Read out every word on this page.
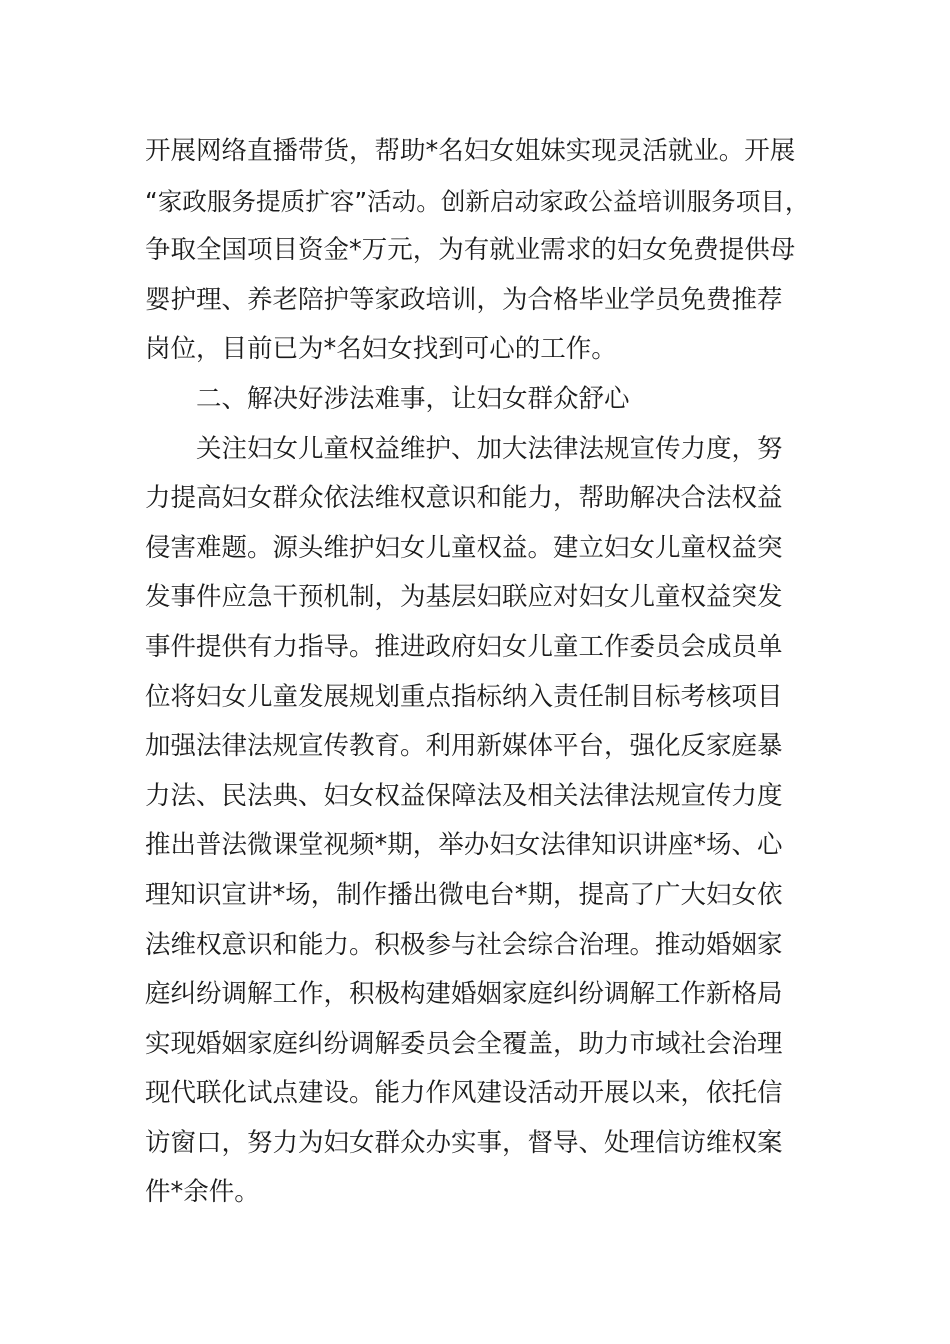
开展网络直播带货，帮助*名妇女姐妹实现灵活就业。开展
“家政服务提质扩容”活动。创新启动家政公益培训服务项目，
争取全国项目资金*万元，为有就业需求的妇女免费提供母
婴护理、养老陪护等家政培训，为合格毕业学员免费推荐
岗位，目前已为*名妇女找到可心的工作。
二、解决好涉法难事，让妇女群众舒心
关注妇女儿童权益维护、加大法律法规宣传力度，努
力提高妇女群众依法维权意识和能力，帮助解决合法权益
侵害难题。源头维护妇女儿童权益。建立妇女儿童权益突
发事件应急干预机制，为基层妇联应对妇女儿童权益突发
事件提供有力指导。推进政府妇女儿童工作委员会成员单
位将妇女儿童发展规划重点指标纳入责任制目标考核项目
加强法律法规宣传教育。利用新媒体平台，强化反家庭暴
力法、民法典、妇女权益保障法及相关法律法规宣传力度
推出普法微课堂视频*期，举办妇女法律知识讲座*场、心
理知识宣讲*场，制作播出微电台*期，提高了广大妇女依
法维权意识和能力。积极参与社会综合治理。推动婚姻家
庭纠纷调解工作，积极构建婚姻家庭纠纷调解工作新格局
实现婚姻家庭纠纷调解委员会全覆盖，助力市域社会治理
现代联化试点建设。能力作风建设活动开展以来，依托信
访窗口，努力为妇女群众办实事，督导、处理信访维权案
件*余件。
